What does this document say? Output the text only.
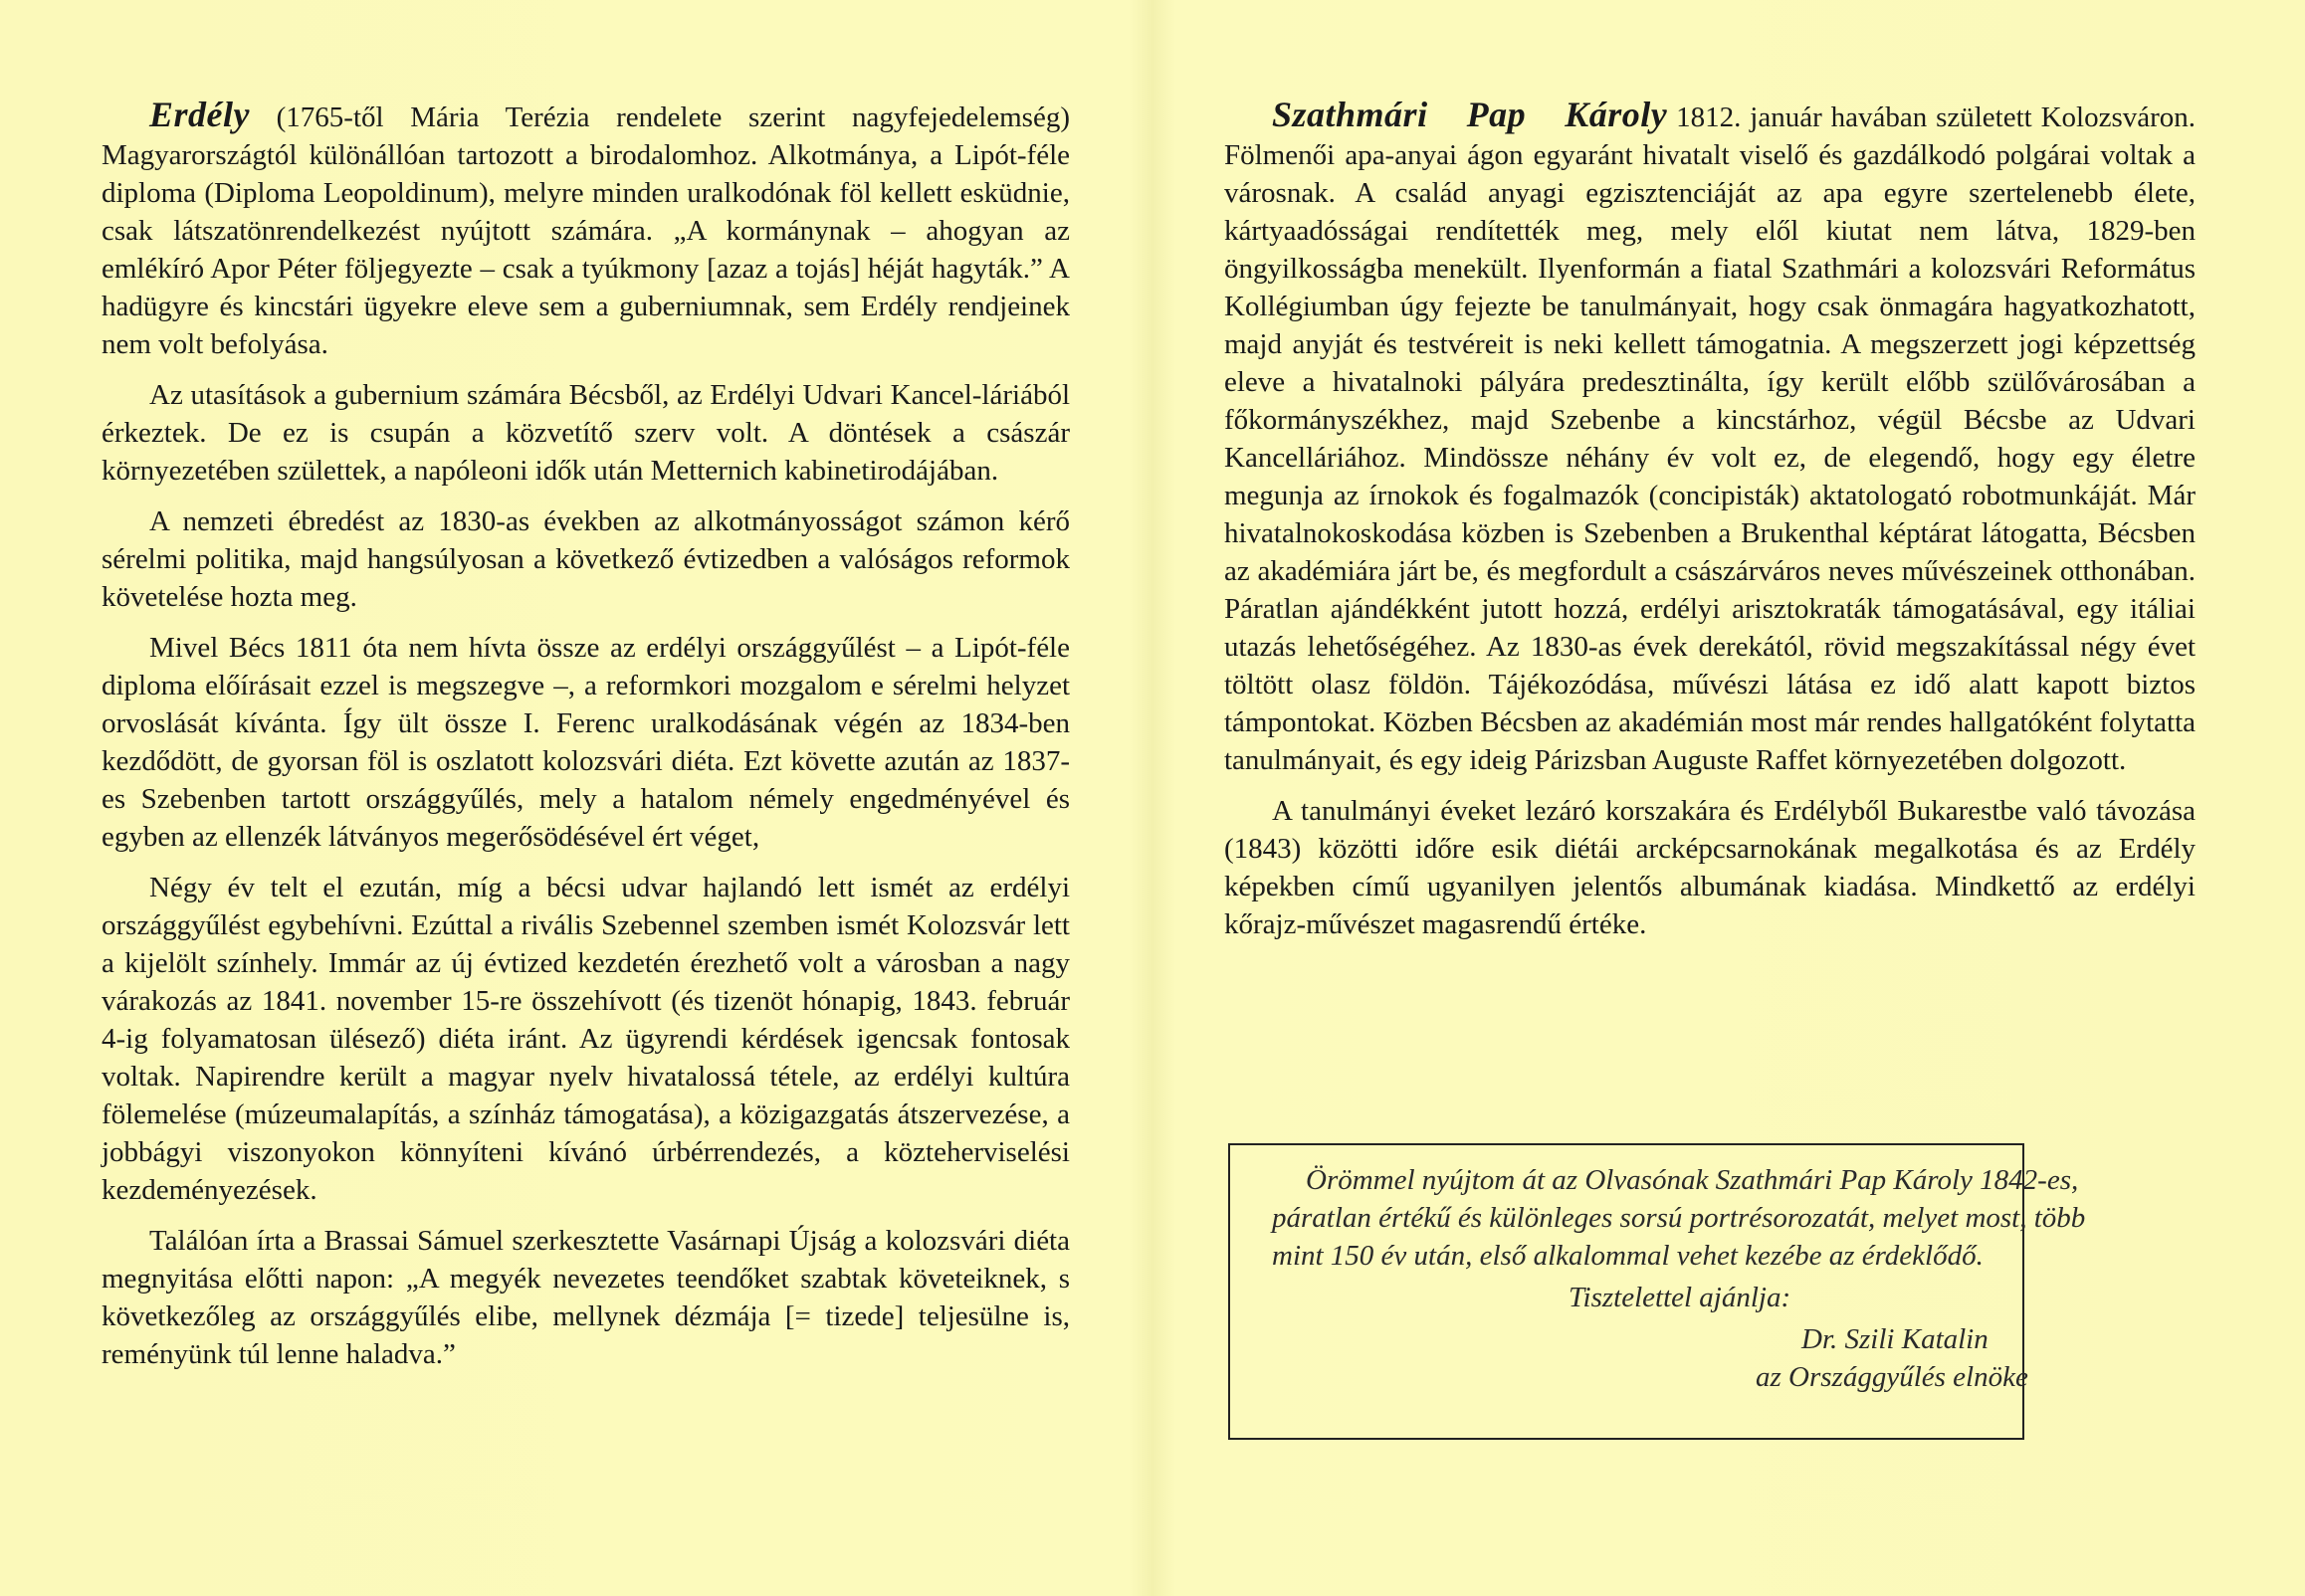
Erdély (1765-től Mária Terézia rendelete szerint nagyfejedelemség) Magyarországtól különállóan tartozott a birodalomhoz. Alkotmánya, a Lipót-féle diploma (Diploma Leopoldinum), melyre minden uralkodónak föl kellett esküdnie, csak látszatönrendelkezést nyújtott számára. „A kormánynak – ahogyan az emlékíró Apor Péter följegyezte – csak a tyúkmony [azaz a tojás] héját hagyták.” A hadügyre és kincstári ügyekre eleve sem a guberniumnak, sem Erdély rendjeinek nem volt befolyása.

Az utasítások a gubernium számára Bécsből, az Erdélyi Udvari Kancel-láriából érkeztek. De ez is csupán a közvetítő szerv volt. A döntések a császár környezetében születtek, a napóleoni idők után Metternich kabinetirodájában.

A nemzeti ébredést az 1830-as években az alkotmányosságot számon kérő sérelmi politika, majd hangsúlyosan a következő évtizedben a valóságos reformok követelése hozta meg.

Mivel Bécs 1811 óta nem hívta össze az erdélyi országgyűlést – a Lipót-féle diploma előírásait ezzel is megszegve –, a reformkori mozgalom e sérelmi helyzet orvoslását kívánta. Így ült össze I. Ferenc uralkodásának végén az 1834-ben kezdődött, de gyorsan föl is oszlatott kolozsvári diéta. Ezt követte azután az 1837-es Szebenben tartott országgyűlés, mely a hatalom némely engedményével és egyben az ellenzék látványos megerősödésével ért véget,

Négy év telt el ezután, míg a bécsi udvar hajlandó lett ismét az erdélyi országgyűlést egybehívni. Ezúttal a rivális Szebennel szemben ismét Kolozsvár lett a kijelölt színhely. Immár az új évtized kezdetén érezhető volt a városban a nagy várakozás az 1841. november 15-re összehívott (és tizenöt hónapig, 1843. február 4-ig folyamatosan ülésező) diéta iránt. Az ügyrendi kérdések igencsak fontosak voltak. Napirendre került a magyar nyelv hivatalossá tétele, az erdélyi kultúra fölemelése (múzeumalapítás, a színház támogatása), a közigazgatás átszervezése, a jobbágyi viszonyokon könnyíteni kívánó úrbérrendezés, a közteherviselési kezdeményezések.

Találóan írta a Brassai Sámuel szerkesztette Vasárnapi Újság a kolozsvári diéta megnyitása előtti napon: „A megyék nevezetes teendőket szabtak követeiknek, s következőleg az országgyűlés elibe, mellynek dézmája [= tizede] teljesülne is, reményünk túl lenne haladva.”

Szathmári Pap Károly 1812. január havában született Kolozsváron. Fölmenői apa-anyai ágon egyaránt hivatalt viselő és gazdálkodó polgárai voltak a városnak. A család anyagi egzisztenciáját az apa egyre szertelenebb élete, kártyaadósságai rendítették meg, mely elől kiutat nem látva, 1829-ben öngyilkosságba menekült. Ilyenformán a fiatal Szathmári a kolozsvári Református Kollégiumban úgy fejezte be tanulmányait, hogy csak önmagára hagyatkozhatott, majd anyját és testvéreit is neki kellett támogatnia. A megszerzett jogi képzettség eleve a hivatalnoki pályára predesztinálta, így került előbb szülővárosában a főkormányszékhez, majd Szebenbe a kincstárhoz, végül Bécsbe az Udvari Kancelláriához. Mindössze néhány év volt ez, de elegendő, hogy egy életre megunja az írnokok és fogalmazók (concipisták) aktatologató robotmunkáját. Már hivatalnokoskodása közben is Szebenben a Brukenthal képtárat látogatta, Bécsben az akadémiára járt be, és megfordult a császárváros neves művészeinek otthonában. Páratlan ajándékként jutott hozzá, erdélyi arisztokraták támogatásával, egy itáliai utazás lehetőségéhez. Az 1830-as évek derekától, rövid megszakítással négy évet töltött olasz földön. Tájékozódása, művészi látása ez idő alatt kapott biztos támpontokat. Közben Bécsben az akadémián most már rendes hallgatóként folytatta tanulmányait, és egy ideig Párizsban Auguste Raffet környezetében dolgozott.

A tanulmányi éveket lezáró korszakára és Erdélyből Bukarestbe való távozása (1843) közötti időre esik diétái arcképcsarnokának megalkotása és az Erdély képekben című ugyanilyen jelentős albumának kiadása. Mindkettő az erdélyi kőrajz-művészet magasrendű értéke.

Örömmel nyújtom át az Olvasónak Szathmári Pap Károly 1842-es,
páratlan értékű és különleges sorsú portrésorozatát, melyet most, több
mint 150 év után, első alkalommal vehet kezébe az érdeklődő.
Tisztelettel ajánlja:
Dr. Szili Katalin
az Országgyűlés elnöke
